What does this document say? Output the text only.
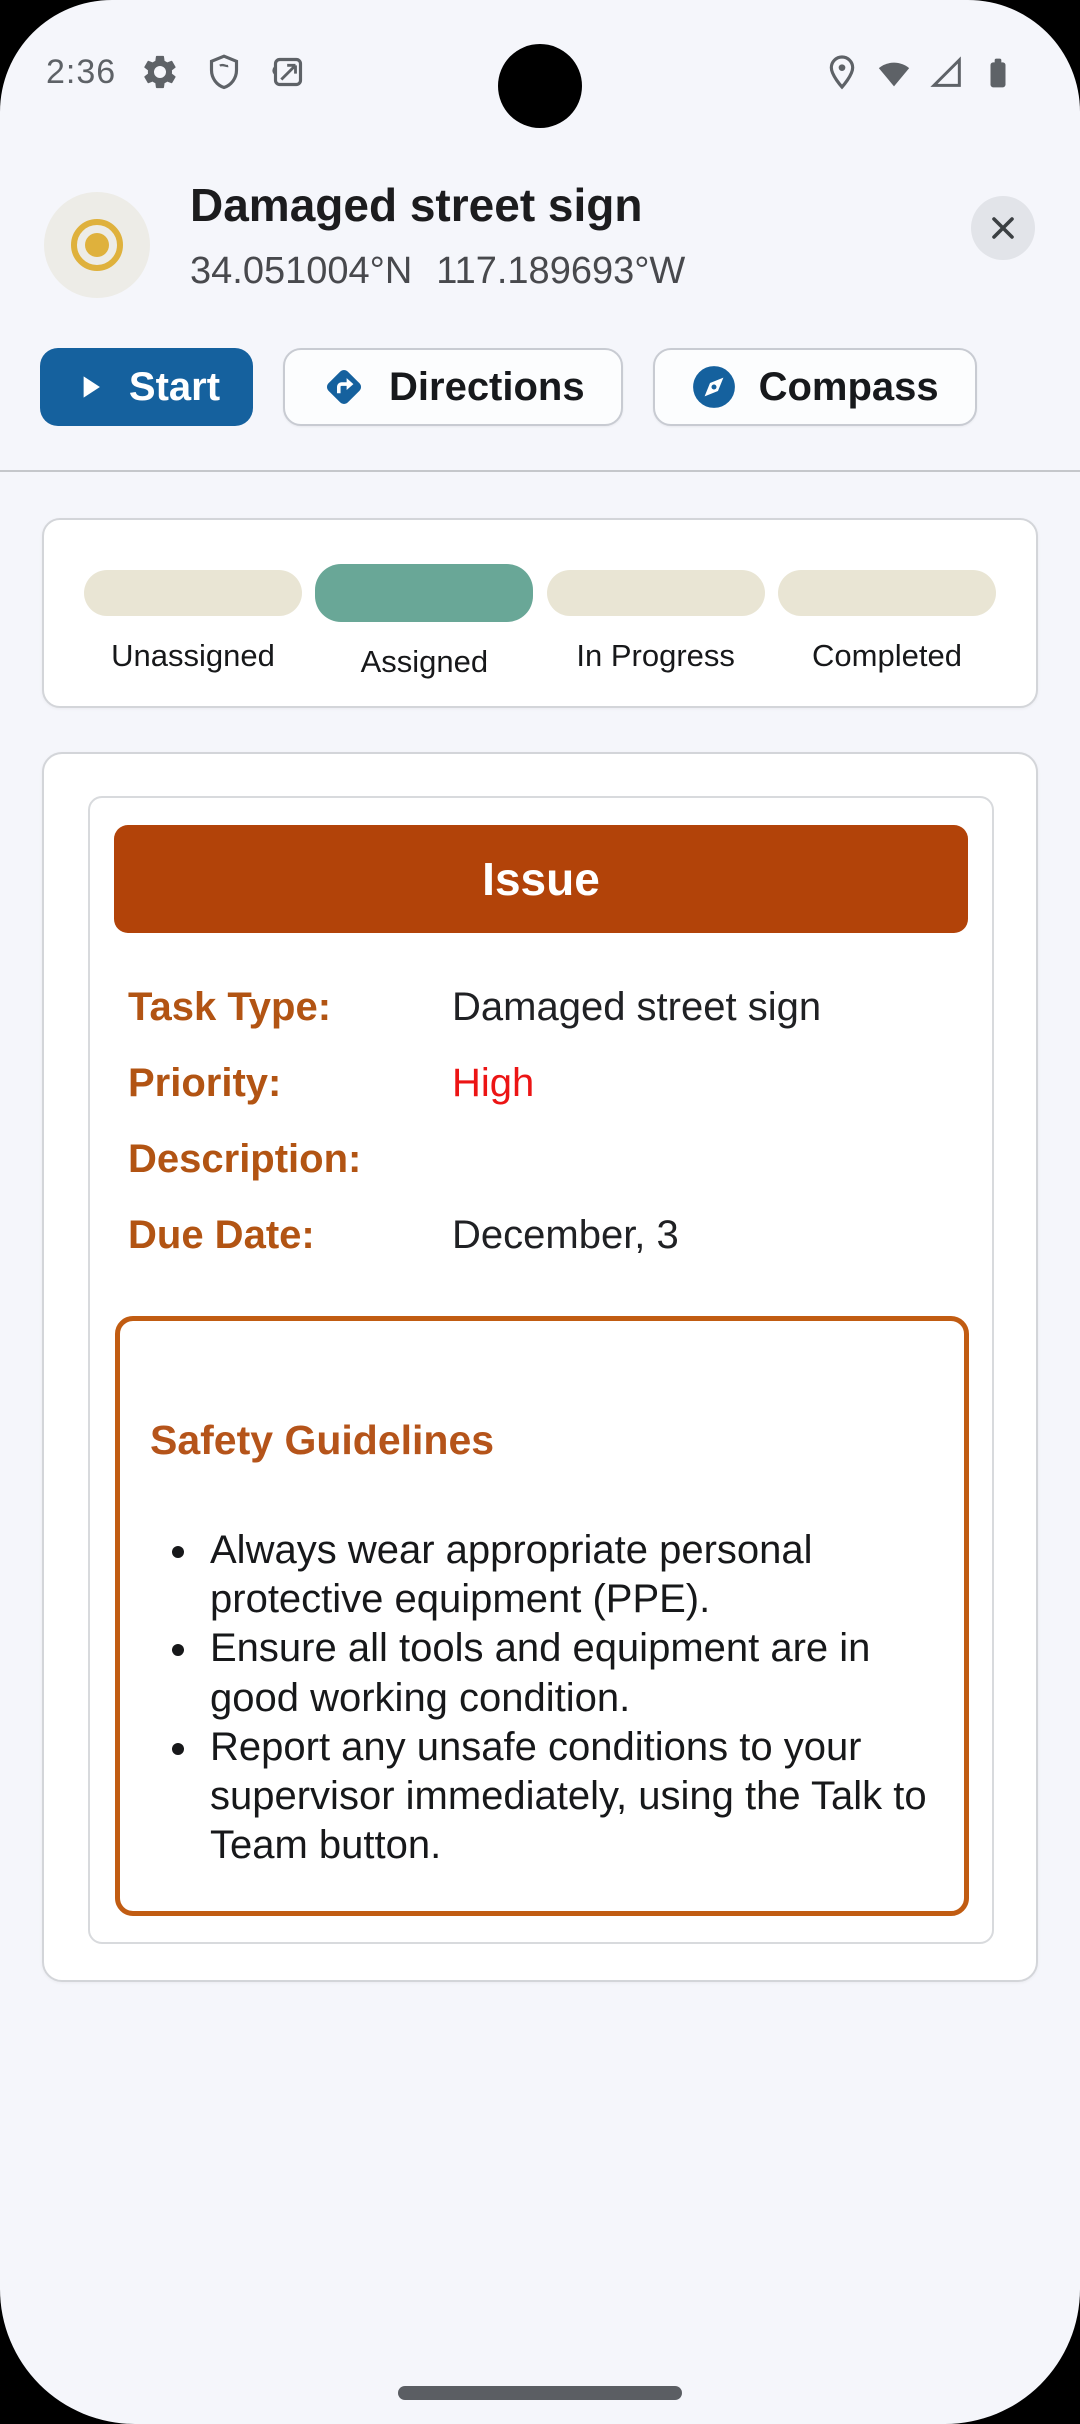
2:36
Damaged street sign
34.051004°N 117.189693°W
Start	Directions	Compass
Unassigned	Assigned	In Progress Completed
Issue
Task Type:	Damaged street sign
Priority:	High
Description:
Due Date:	December, 3
Safety Guidelines
• Always wear appropriate personal protective equipment (PPE).
• Ensure all tools and equipment are in good working condition.
• Report any unsafe conditions to your supervisor immediately, using the Talk to Team button.
